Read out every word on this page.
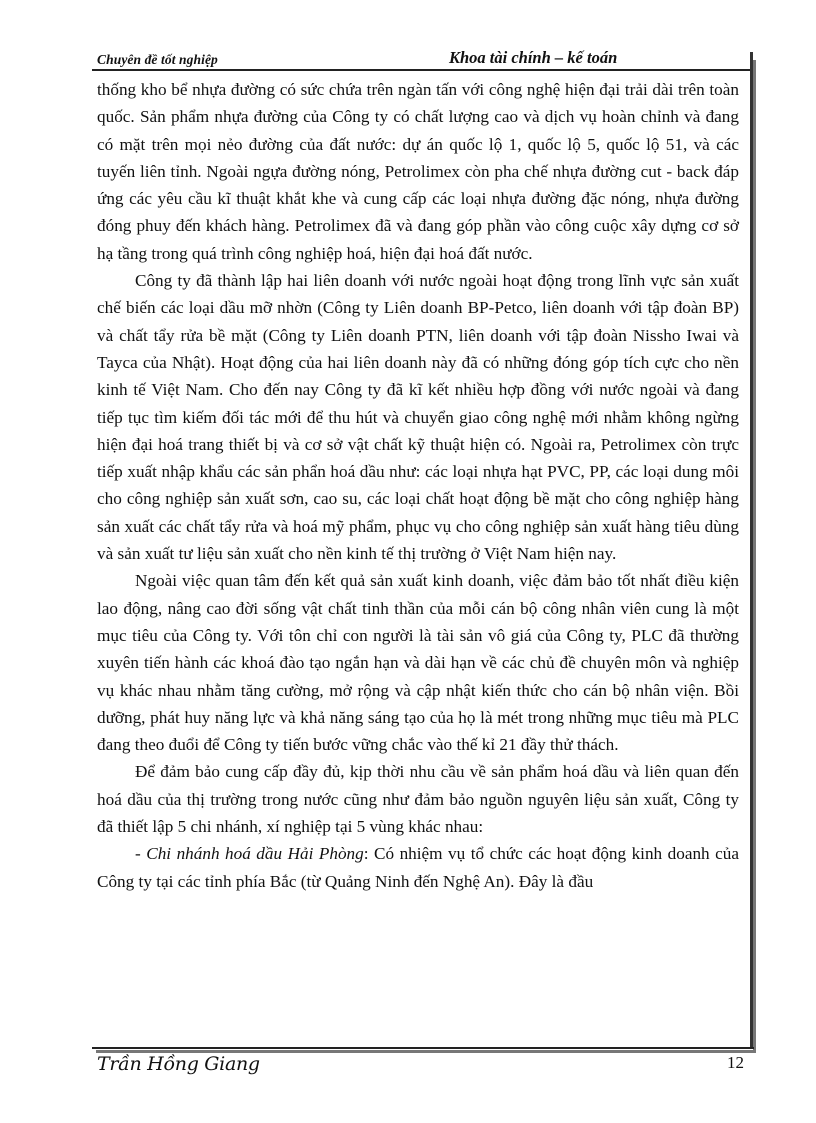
Chuyên đề tốt nghiệp	Khoa tài chính – kế toán

thống kho bể nhựa đường có sức chứa trên ngàn tấn với công nghệ hiện đại trải dài trên toàn quốc. Sản phẩm nhựa đường của Công ty có chất lượng cao và dịch vụ hoàn chỉnh và đang có mặt trên mọi nẻo đường của đất nước: dự án quốc lộ 1, quốc lộ 5, quốc lộ 51, và các tuyến liên tỉnh. Ngoài ngựa đường nóng, Petrolimex còn pha chế nhựa đường cut - back đáp ứng các yêu cầu kĩ thuật khắt khe và cung cấp các loại nhựa đường đặc nóng, nhựa đường đóng phuy đến khách hàng. Petrolimex đã và đang góp phần vào công cuộc xây dựng cơ sở hạ tầng trong quá trình công nghiệp hoá, hiện đại hoá đất nước.

Công ty đã thành lập hai liên doanh với nước ngoài hoạt động trong lĩnh vực sản xuất chế biến các loại dầu mỡ nhờn (Công ty Liên doanh BP-Petco, liên doanh với tập đoàn BP) và chất tẩy rửa bề mặt (Công ty Liên doanh PTN, liên doanh với tập đoàn Nissho Iwai và Tayca của Nhật). Hoạt động của hai liên doanh này đã có những đóng góp tích cực cho nền kinh tế Việt Nam. Cho đến nay Công ty đã kĩ kết nhiều hợp đồng với nước ngoài và đang tiếp tục tìm kiếm đối tác mới để thu hút và chuyển giao công nghệ mới nhằm không ngừng hiện đại hoá trang thiết bị và cơ sở vật chất kỹ thuật hiện có. Ngoài ra, Petrolimex còn trực tiếp xuất nhập khẩu các sản phẩn hoá dầu như: các loại nhựa hạt PVC, PP, các loại dung môi cho công nghiệp sản xuất sơn, cao su, các loại chất hoạt động bề mặt cho công nghiệp hàng sản xuất các chất tẩy rửa và hoá mỹ phẩm, phục vụ cho công nghiệp sản xuất hàng tiêu dùng và sản xuất tư liệu sản xuất cho nền kinh tế thị trường ở Việt Nam hiện nay.

Ngoài việc quan tâm đến kết quả sản xuất kinh doanh, việc đảm bảo tốt nhất điều kiện lao động, nâng cao đời sống vật chất tinh thần của mỗi cán bộ công nhân viên cung là một mục tiêu của Công ty. Với tôn chỉ con người là tài sản vô giá của Công ty, PLC đã thường xuyên tiến hành các khoá đào tạo ngắn hạn và dài hạn về các chủ đề chuyên môn và nghiệp vụ khác nhau nhằm tăng cường, mở rộng và cập nhật kiến thức cho cán bộ nhân viện. Bồi dưỡng, phát huy năng lực và khả năng sáng tạo của họ là mét trong những mục tiêu mà PLC đang theo đuổi để Công ty tiến bước vững chắc vào thế kỉ 21 đầy thử thách.

Để đảm bảo cung cấp đầy đủ, kịp thời nhu cầu về sản phẩm hoá dầu và liên quan đến hoá dầu của thị trường trong nước cũng như đảm bảo nguồn nguyên liệu sản xuất, Công ty đã thiết lập 5 chi nhánh, xí nghiệp tại 5 vùng khác nhau:

- Chi nhánh hoá dầu Hải Phòng: Có nhiệm vụ tổ chức các hoạt động kinh doanh của Công ty tại các tỉnh phía Bắc (từ Quảng Ninh đến Nghệ An). Đây là đầu

Trần Hồng Giang	12
